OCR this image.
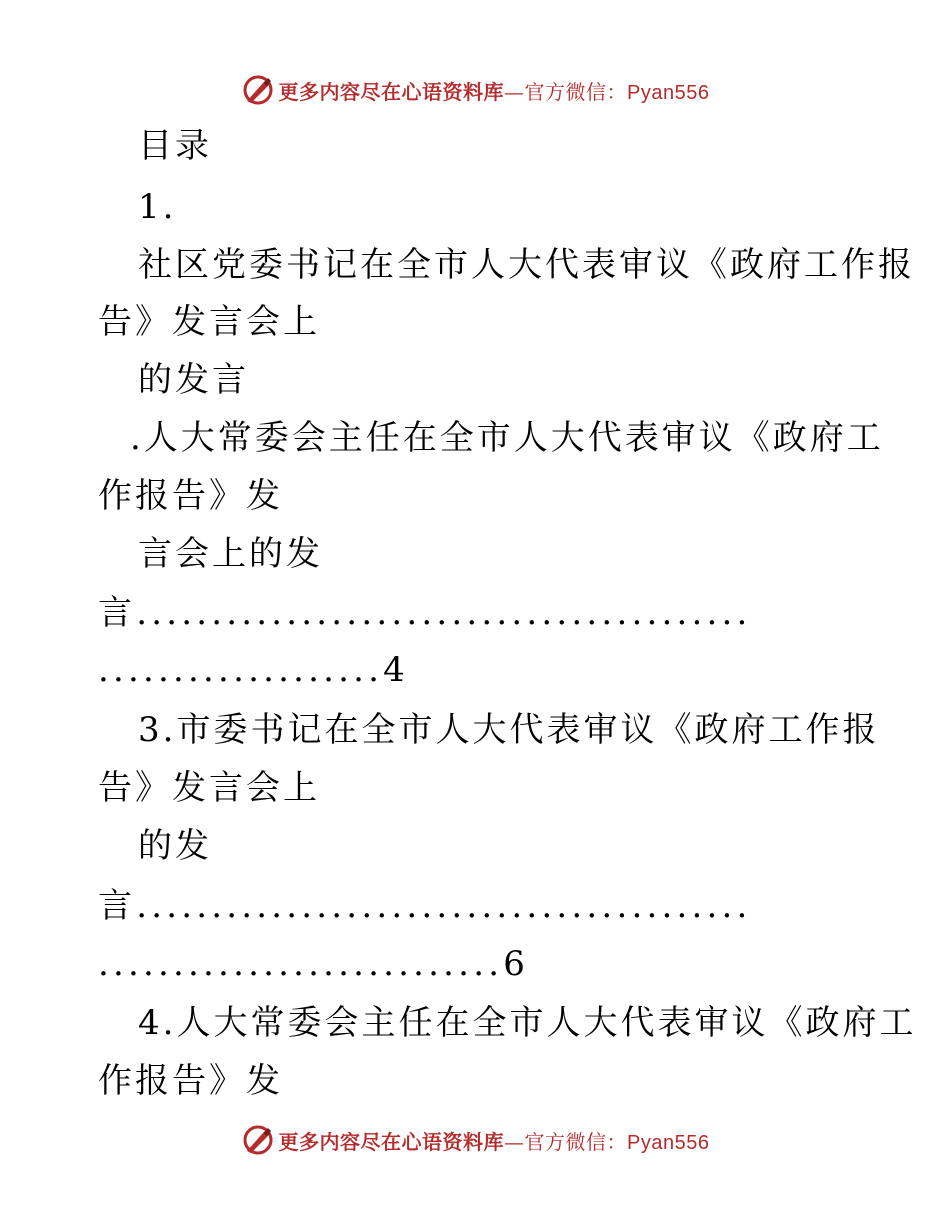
更多内容尽在心语资料库—官方微信：Pyan556
目录
1.
社区党委书记在全市人大代表审议《政府工作报
告》发言会上
的发言
.人大常委会主任在全市人大代表审议《政府工
作报告》发
言会上的发
言.........................................
...................4
3.市委书记在全市人大代表审议《政府工作报
告》发言会上
的发
言.........................................
...........................6
4.人大常委会主任在全市人大代表审议《政府工
作报告》发
更多内容尽在心语资料库—官方微信：Pyan556
